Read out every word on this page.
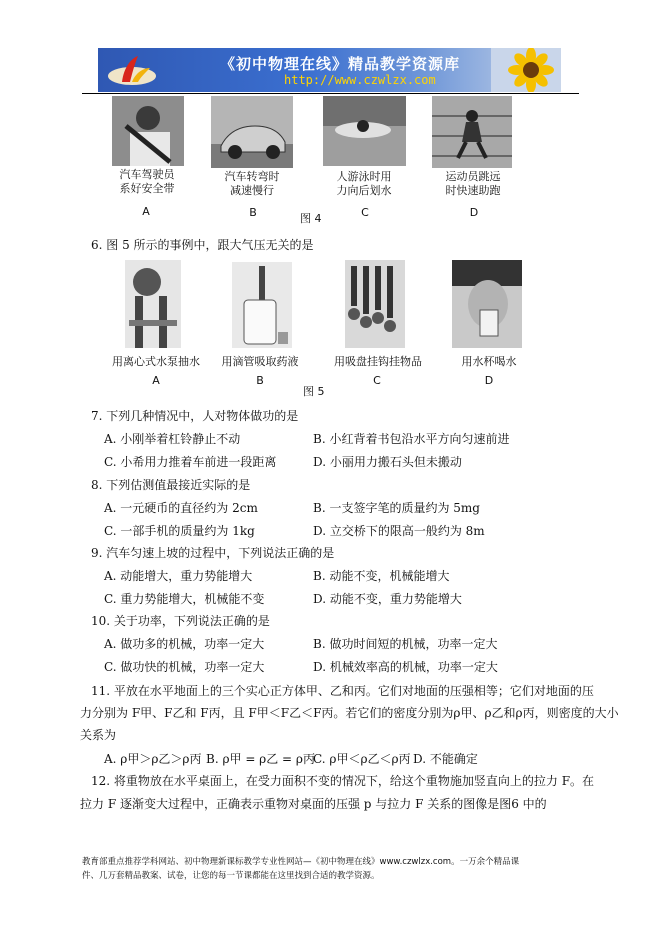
《初中物理在线》精品教学资源库
http://www.czwlzx.com
汽车驾驶员
系好安全带
汽车转弯时
减速慢行
人游泳时用
力向后划水
运动员跳远
时快速助跑
A	B	图 4	C	D
6. 图 5 所示的事例中，跟大气压无关的是
用离心式水泵抽水	用滴管吸取药液	用吸盘挂钩挂物品	用水杯喝水
A	B
图 5
C	D
7. 下列几种情况中，人对物体做功的是
A. 小刚举着杠铃静止不动	B. 小红背着书包沿水平方向匀速前进
C. 小希用力推着车前进一段距离	D. 小丽用力搬石头但未搬动
8. 下列估测值最接近实际的是
A. 一元硬币的直径约为 2cm	B. 一支签字笔的质量约为 5mg
C. 一部手机的质量约为 1kg	D. 立交桥下的限高一般约为 8m
9. 汽车匀速上坡的过程中，下列说法正确的是
A. 动能增大，重力势能增大	B. 动能不变，机械能增大
C. 重力势能增大，机械能不变	D. 动能不变，重力势能增大
10. 关于功率，下列说法正确的是
A. 做功多的机械，功率一定大	B. 做功时间短的机械，功率一定大
C. 做功快的机械，功率一定大	D. 机械效率高的机械，功率一定大
11. 平放在水平地面上的三个实心正方体甲、乙和丙。它们对地面的压强相等；它们对地面的压
力分别为 F甲、F乙和 F丙，且 F甲＜F乙＜F丙。若它们的密度分别为ρ甲、ρ乙和ρ丙，则密度的大小
关系为
A. ρ甲＞ρ乙＞ρ丙 B. ρ甲 = ρ乙 = ρ丙
C. ρ甲＜ρ乙＜ρ丙 D. 不能确定
12. 将重物放在水平桌面上，在受力面积不变的情况下，给这个重物施加竖直向上的拉力 F。在
拉力 F 逐渐变大过程中，正确表示重物对桌面的压强 p 与拉力 F 关系的图像是图6 中的
教育部重点推荐学科网站、初中物理新课标教学专业性网站—《初中物理在线》www.czwlzx.com。一万余个精品课
件、几万套精品教案、试卷，让您的每一节课都能在这里找到合适的教学资源。
